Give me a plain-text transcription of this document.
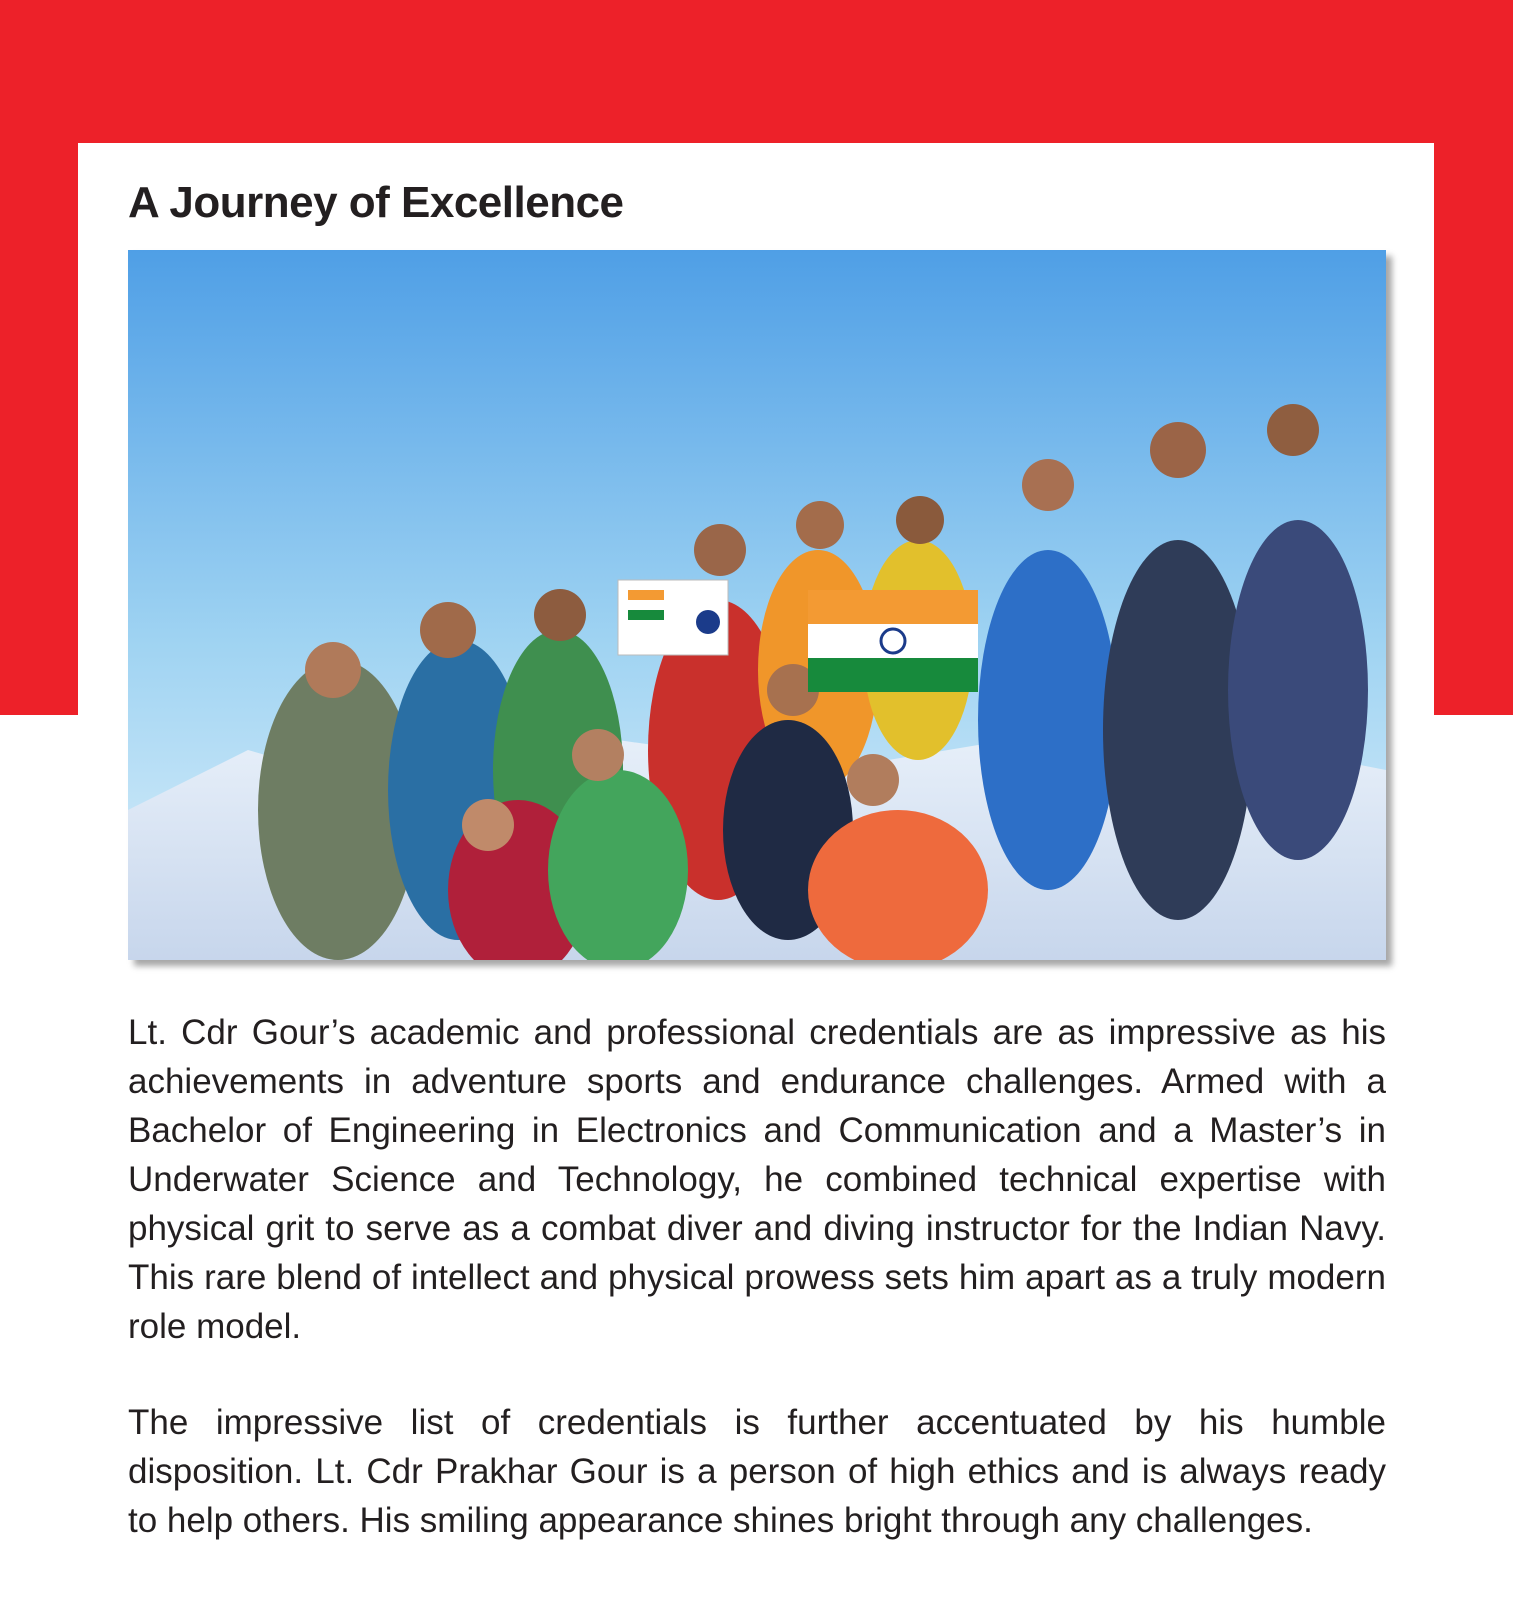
A Journey of Excellence

Lt. Cdr Gour’s academic and professional credentials are as impressive as his achievements in adventure sports and endurance challenges. Armed with a Bachelor of Engineering in Electronics and Communication and a Master’s in Underwater Science and Technology, he combined technical expertise with physical grit to serve as a combat diver and diving instructor for the Indian Navy. This rare blend of intellect and physical prowess sets him apart as a truly modern role model.

The impressive list of credentials is further accentuated by his humble disposition. Lt. Cdr Prakhar Gour is a person of high ethics and is always ready to help others. His smiling appearance shines bright through any challenges.
